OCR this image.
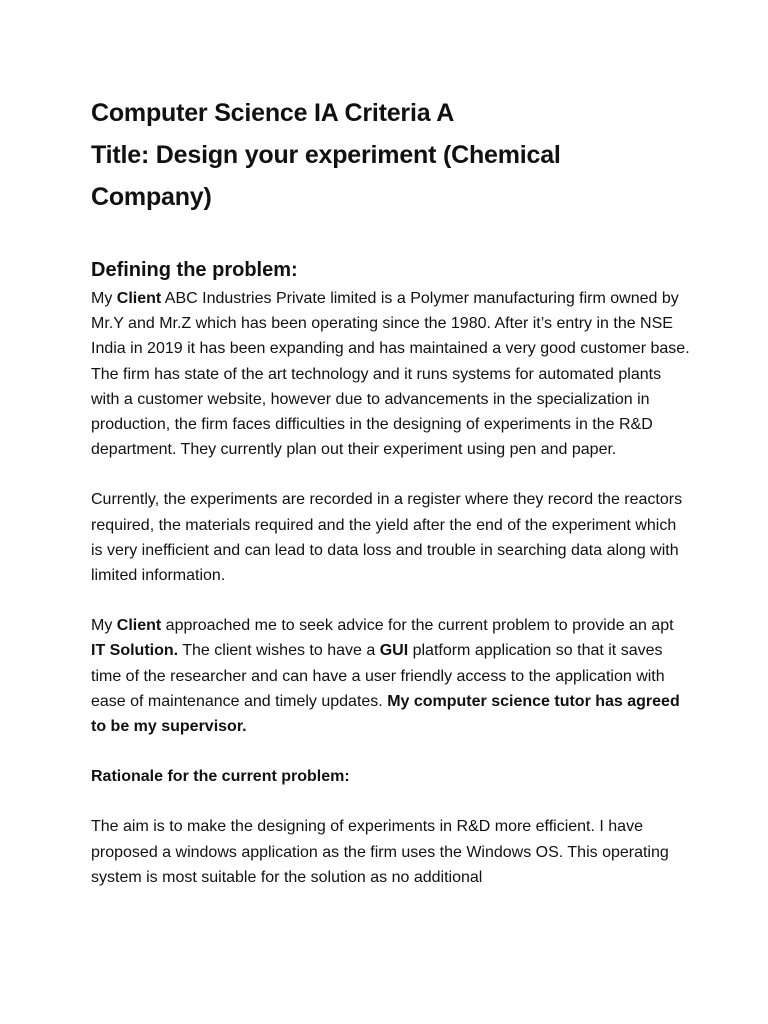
Computer Science IA Criteria A
Title: Design your experiment (Chemical
Company)
Defining the problem:

My Client ABC Industries Private limited is a Polymer manufacturing firm owned by Mr.Y and Mr.Z which has been operating since the 1980. After it’s entry in the NSE India in 2019 it has been expanding and has maintained a very good customer base. The firm has state of the art technology and it runs systems for automated plants with a customer website, however due to advancements in the specialization in production, the firm faces difficulties in the designing of experiments in the R&D department. They currently plan out their experiment using pen and paper.

Currently, the experiments are recorded in a register where they record the reactors required, the materials required and the yield after the end of the experiment which is very inefficient and can lead to data loss and trouble in searching data along with limited information.

My Client approached me to seek advice for the current problem to provide an apt IT Solution. The client wishes to have a GUI platform application so that it saves time of the researcher and can have a user friendly access to the application with ease of maintenance and timely updates. My computer science tutor has agreed to be my supervisor.

Rationale for the current problem:

The aim is to make the designing of experiments in R&D more efficient. I have proposed a windows application as the firm uses the Windows OS. This operating system is most suitable for the solution as no additional
